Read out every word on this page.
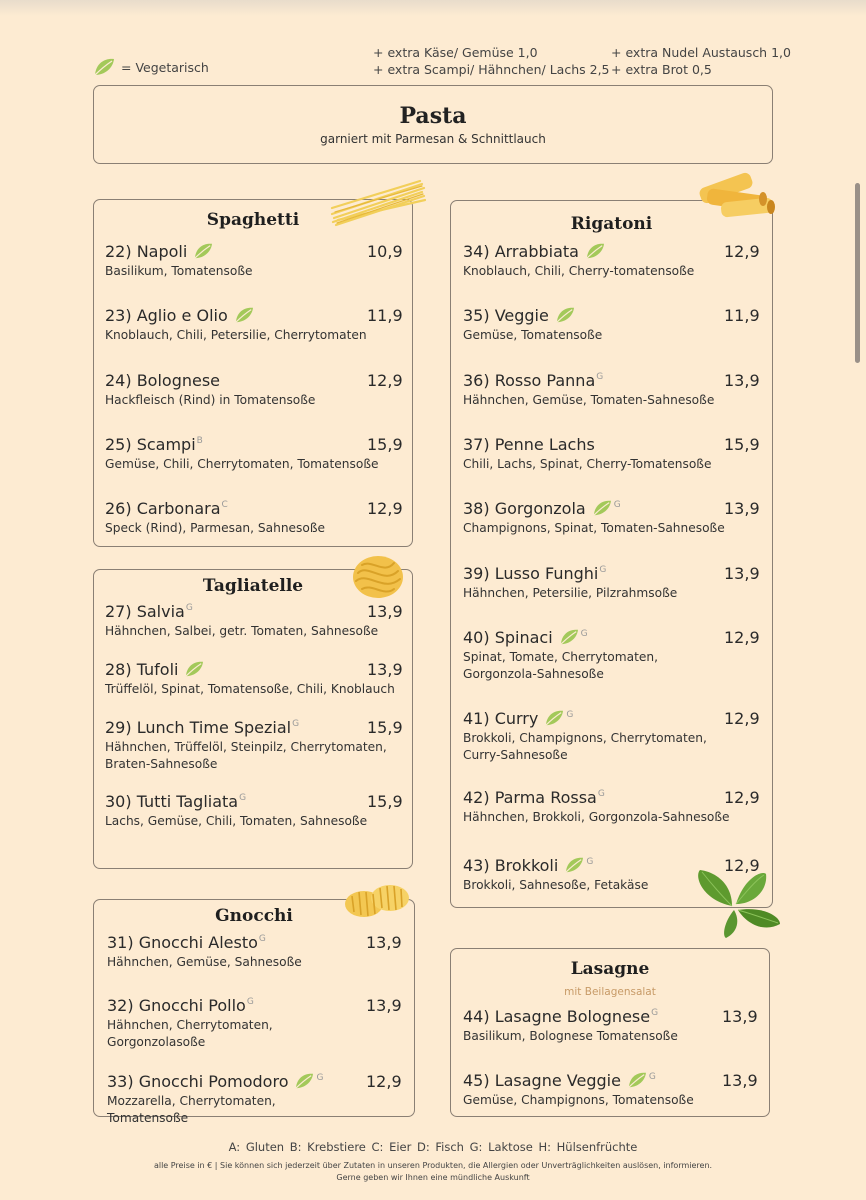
= Vegetarisch
+ extra Käse/ Gemüse 1,0
+ extra Scampi/ Hähnchen/ Lachs 2,5
+ extra Nudel Austausch 1,0
+ extra Brot 0,5
Pasta
garniert mit Parmesan & Schnittlauch
Spaghetti
Tagliatelle
Gnocchi
Rigatoni
Lasagne
mit Beilagensalat
A: Gluten B: Krebstiere C: Eier D: Fisch G: Laktose H: Hülsenfrüchte
alle Preise in € | Sie können sich jederzeit über Zutaten in unseren Produkten, die Allergien oder Unverträglichkeiten auslösen, informieren.
Gerne geben wir Ihnen eine mündliche Auskunft
22) Napoli	10,9
Basilikum, Tomatensoße
23) Aglio e Olio	11,9
Knoblauch, Chili, Petersilie, Cherrytomaten
24) Bolognese	12,9
Hackfleisch (Rind) in Tomatensoße
25) Scampi$^B$	15,9
Gemüse, Chili, Cherrytomaten, Tomatensoße
26) Carbonara$^C$	12,9
Speck (Rind), Parmesan, Sahnesoße
27) Salvia$^G$	13,9
Hähnchen, Salbei, getr. Tomaten, Sahnesoße
28) Tufoli	13,9
Trüffelöl, Spinat, Tomatensoße, Chili, Knoblauch
29) Lunch Time Spezial$^G$	15,9
Hähnchen, Trüffelöl, Steinpilz, Cherrytomaten, Braten-Sahnesoße
30) Tutti Tagliata$^G$	15,9
Lachs, Gemüse, Chili, Tomaten, Sahnesoße
31) Gnocchi Alesto$^G$	13,9
Hähnchen, Gemüse, Sahnesoße
32) Gnocchi Pollo$^G$	13,9
Hähnchen, Cherrytomaten, Gorgonzolasoße
33) Gnocchi Pomodoro	$^G$	12,9
Mozzarella, Cherrytomaten, Tomatensoße
34) Arrabbiata	12,9
Knoblauch, Chili, Cherry-tomatensoße
35) Veggie	11,9
Gemüse, Tomatensoße
36) Rosso Panna$^G$	13,9
Hähnchen, Gemüse, Tomaten-Sahnesoße
37) Penne Lachs	15,9
Chili, Lachs, Spinat, Cherry-Tomatensoße
38) Gorgonzola	$^G$	13,9
Champignons, Spinat, Tomaten-Sahnesoße
39) Lusso Funghi$^G$	13,9
Hähnchen, Petersilie, Pilzrahmsoße
40) Spinaci	$^G$	12,9
Spinat, Tomate, Cherrytomaten, Gorgonzola-Sahnesoße
41) Curry	$^G$	12,9
Brokkoli, Champignons, Cherrytomaten, Curry-Sahnesoße
42) Parma Rossa$^G$	12,9
Hähnchen, Brokkoli, Gorgonzola-Sahnesoße
43) Brokkoli	$^G$	12,9
Brokkoli, Sahnesoße, Fetakäse
44) Lasagne Bolognese$^G$	13,9
Basilikum, Bolognese Tomatensoße
45) Lasagne Veggie	$^G$	13,9
Gemüse, Champignons, Tomatensoße
